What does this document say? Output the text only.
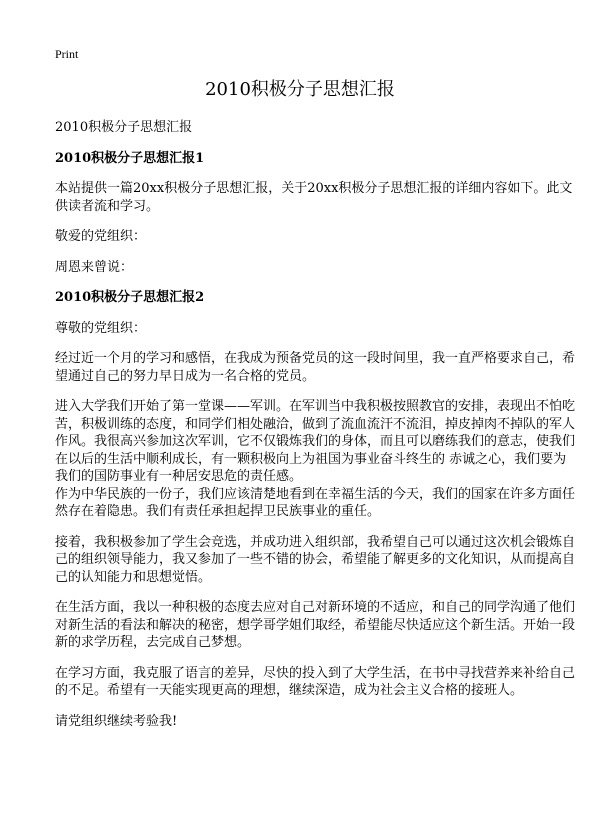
Print
2010积极分子思想汇报

2010积极分子思想汇报

2010积极分子思想汇报1

本站提供一篇20xx积极分子思想汇报，关于20xx积极分子思想汇报的详细内容如下。此文供读者流和学习。

敬爱的党组织：

周恩来曾说：

2010积极分子思想汇报2

尊敬的党组织：

经过近一个月的学习和感悟，在我成为预备党员的这一段时间里，我一直严格要求自己，希望通过自己的努力早日成为一名合格的党员。

进入大学我们开始了第一堂课——军训。在军训当中我积极按照教官的安排，表现出不怕吃苦，积极训练的态度，和同学们相处融洽，做到了流血流汗不流泪，掉皮掉肉不掉队的军人作风。我很高兴参加这次军训，它不仅锻炼我们的身体，而且可以磨练我们的意志，使我们在以后的生活中顺利成长，有一颗积极向上为祖国为事业奋斗终生的 赤诚之心，我们要为我们的国防事业有一种居安思危的责任感。

作为中华民族的一份子，我们应该清楚地看到在幸福生活的今天，我们的国家在许多方面任然存在着隐患。我们有责任承担起捍卫民族事业的重任。

接着，我积极参加了学生会竞选，并成功进入组织部，我希望自己可以通过这次机会锻炼自己的组织领导能力，我又参加了一些不错的协会，希望能了解更多的文化知识，从而提高自己的认知能力和思想觉悟。

在生活方面，我以一种积极的态度去应对自己对新环境的不适应，和自己的同学沟通了他们对新生活的看法和解决的秘密，想学哥学姐们取经，希望能尽快适应这个新生活。开始一段新的求学历程，去完成自己梦想。

在学习方面，我克服了语言的差异，尽快的投入到了大学生活，在书中寻找营养来补给自己的不足。希望有一天能实现更高的理想，继续深造，成为社会主义合格的接班人。

请党组织继续考验我!
